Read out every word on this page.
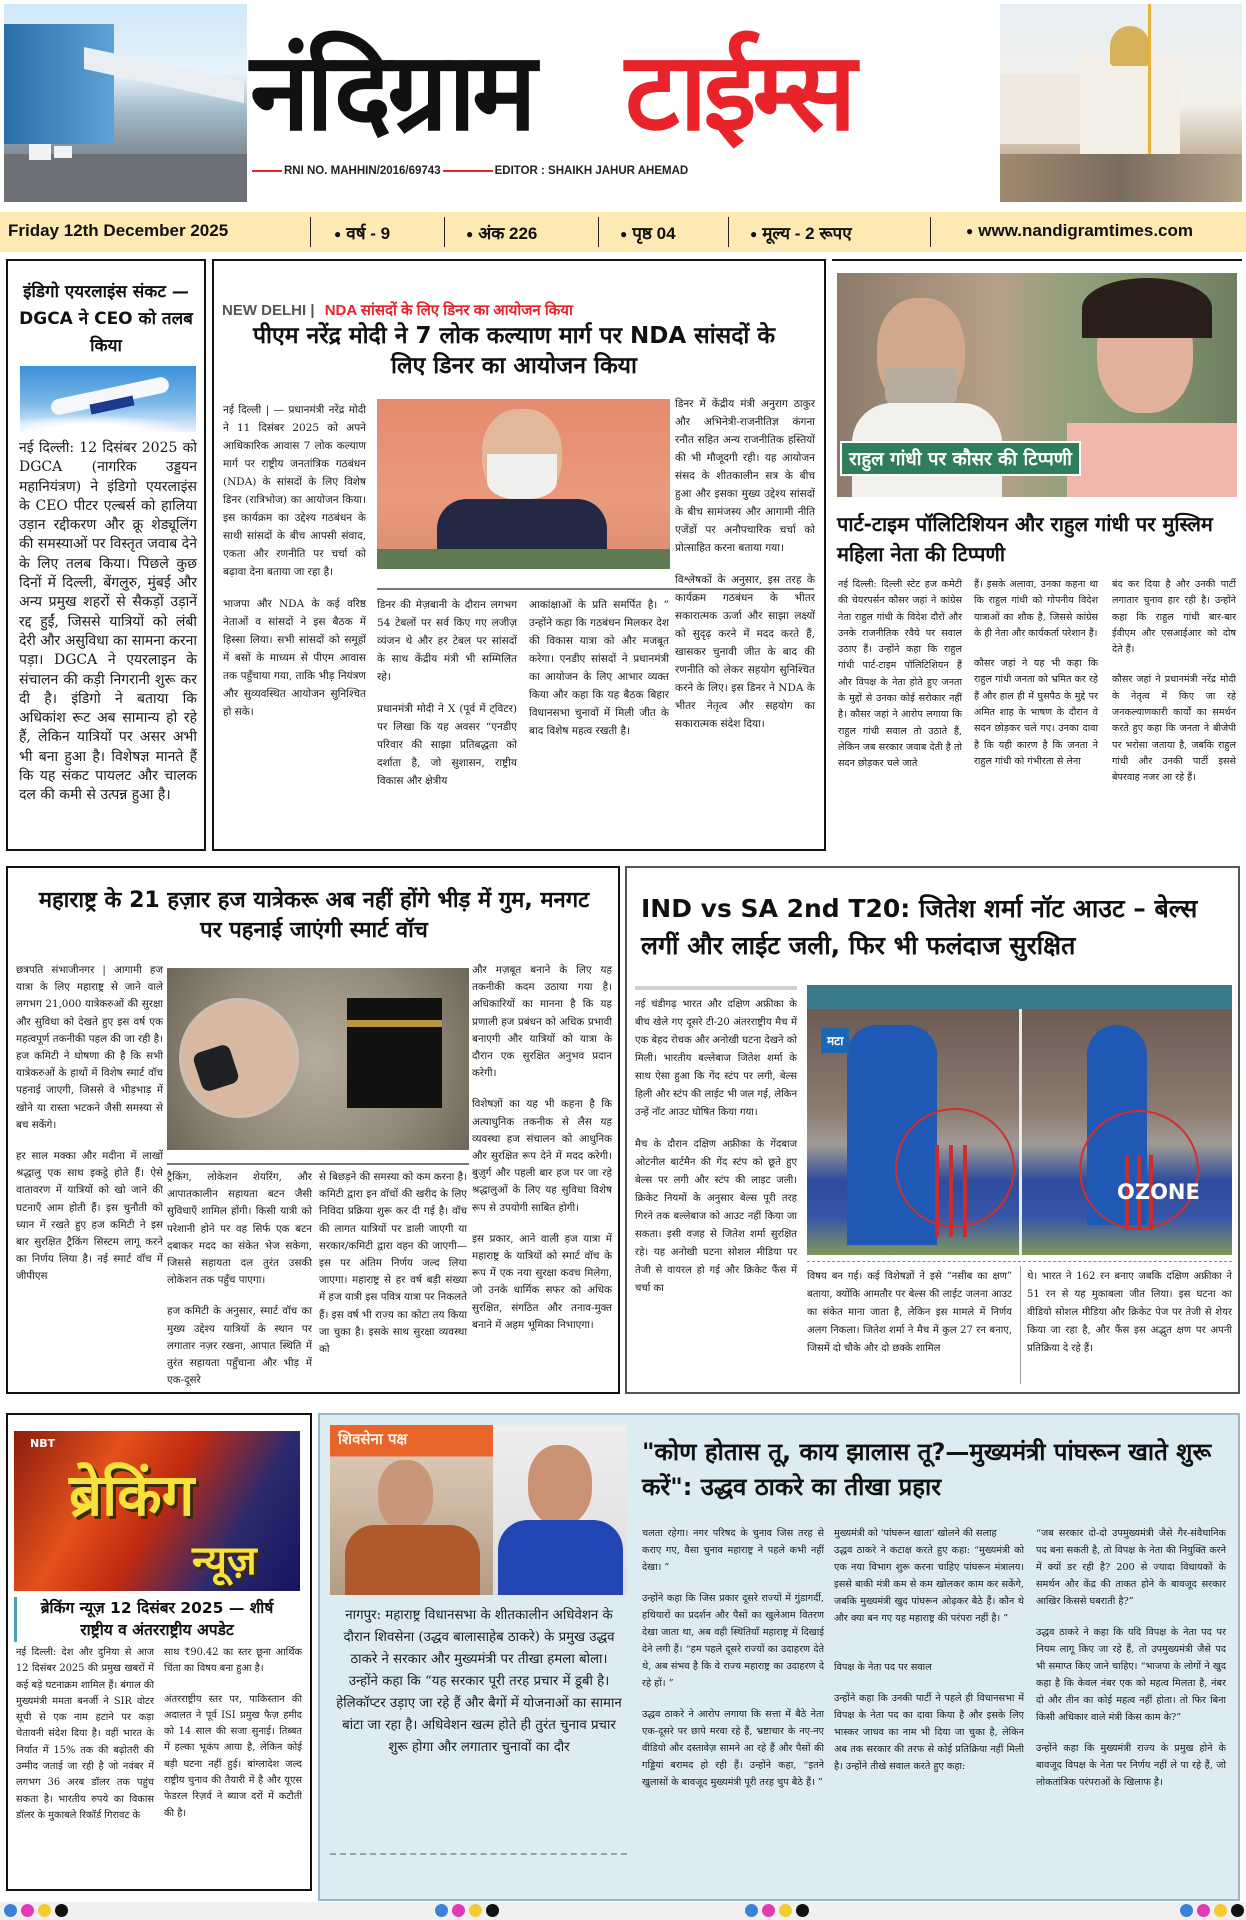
नंदिग्राम टाईम्स
RNI NO. MAHHIN/2016/69743	EDITOR : SHAIKH JAHUR AHEMAD
Friday 12th December 2025	● वर्ष - 9	● अंक 226	● पृष्ठ 04	● मूल्य - 2 रूपए	● www.nandigramtimes.com
इंडिगो एयरलाइंस संकट — DGCA ने CEO को तलब किया
नई दिल्ली: 12 दिसंबर 2025 को DGCA (नागरिक उड्डयन महानियंत्रण) ने इंडिगो एयरलाइंस के CEO पीटर एल्बर्स को हालिया उड़ान रद्दीकरण और क्रू शेड्यूलिंग की समस्याओं पर विस्तृत जवाब देने के लिए तलब किया। पिछले कुछ दिनों में दिल्ली, बेंगलुरु, मुंबई और अन्य प्रमुख शहरों से सैकड़ों उड़ानें रद्द हुईं, जिससे यात्रियों को लंबी देरी और असुविधा का सामना करना पड़ा। DGCA ने एयरलाइन के संचालन की कड़ी निगरानी शुरू कर दी है। इंडिगो ने बताया कि अधिकांश रूट अब सामान्य हो रहे हैं, लेकिन यात्रियों पर असर अभी भी बना हुआ है। विशेषज्ञ मानते हैं कि यह संकट पायलट और चालक दल की कमी से उत्पन्न हुआ है।
NEW DELHI | NDA सांसदों के लिए डिनर का आयोजन किया
पीएम नरेंद्र मोदी ने 7 लोक कल्याण मार्ग पर NDA सांसदों के लिए डिनर का आयोजन किया

नई दिल्ली | — प्रधानमंत्री नरेंद्र मोदी ने 11 दिसंबर 2025 को अपने आधिकारिक आवास 7 लोक कल्याण मार्ग पर राष्ट्रीय जनतांत्रिक गठबंधन (NDA) के सांसदों के लिए विशेष डिनर (रात्रिभोज) का आयोजन किया। इस कार्यक्रम का उद्देश्य गठबंधन के साथी सांसदों के बीच आपसी संवाद, एकता और रणनीति पर चर्चा को बढ़ावा देना बताया जा रहा है।

भाजपा और NDA के कई वरिष्ठ नेताओं व सांसदों ने इस बैठक में हिस्सा लिया। सभी सांसदों को समूहों में बसों के माध्यम से पीएम आवास तक पहुँचाया गया, ताकि भीड़ नियंत्रण और सुव्यवस्थित आयोजन सुनिश्चित हो सके।

डिनर की मेज़बानी के दौरान लगभग 54 टेबलों पर सर्व किए गए लजीज़ व्यंजन थे और हर टेबल पर सांसदों के साथ केंद्रीय मंत्री भी सम्मिलित रहे।

प्रधानमंत्री मोदी ने X (पूर्व में ट्विटर) पर लिखा कि यह अवसर “एनडीए परिवार की साझा प्रतिबद्धता को दर्शाता है, जो सुशासन, राष्ट्रीय विकास और क्षेत्रीय

आकांक्षाओं के प्रति समर्पित है। ” उन्होंने कहा कि गठबंधन मिलकर देश की विकास यात्रा को और मजबूत करेगा। एनडीए सांसदों ने प्रधानमंत्री का आयोजन के लिए आभार व्यक्त किया और कहा कि यह बैठक बिहार विधानसभा चुनावों में मिली जीत के बाद विशेष महत्व रखती है।

डिनर में केंद्रीय मंत्री अनुराग ठाकुर और अभिनेत्री-राजनीतिज्ञ कंगना रनौत सहित अन्य राजनीतिक हस्तियों की भी मौजूदगी रही। यह आयोजन संसद के शीतकालीन सत्र के बीच हुआ और इसका मुख्य उद्देश्य सांसदों के बीच सामंजस्य और आगामी नीति एजेंडों पर अनौपचारिक चर्चा को प्रोत्साहित करना बताया गया।

विश्लेषकों के अनुसार, इस तरह के कार्यक्रम गठबंधन के भीतर सकारात्मक ऊर्जा और साझा लक्ष्यों को सुदृढ़ करने में मदद करते हैं, खासकर चुनावी जीत के बाद की रणनीति को लेकर सहयोग सुनिश्चित करने के लिए। इस डिनर ने NDA के भीतर नेतृत्व और सहयोग का सकारात्मक संदेश दिया।

राहुल गांधी पर कौसर की टिप्पणी
पार्ट-टाइम पॉलिटिशियन और राहुल गांधी पर मुस्लिम महिला नेता की टिप्पणी

नई दिल्ली: दिल्ली स्टेट हज कमेटी की चेयरपर्सन कौसर जहां ने कांग्रेस नेता राहुल गांधी के विदेश दौरों और उनके राजनीतिक रवैये पर सवाल उठाए हैं। उन्होंने कहा कि राहुल गांधी पार्ट-टाइम पॉलिटिशियन हैं और विपक्ष के नेता होते हुए जनता के मुद्दों से उनका कोई सरोकार नहीं है। कौसर जहां ने आरोप लगाया कि राहुल गांधी सवाल तो उठाते हैं, लेकिन जब सरकार जवाब देती है तो सदन छोड़कर चले जाते

हैं। इसके अलावा, उनका कहना था कि राहुल गांधी को गोपनीय विदेश यात्राओं का शौक है, जिससे कांग्रेस के ही नेता और कार्यकर्ता परेशान हैं।

कौसर जहां ने यह भी कहा कि राहुल गांधी जनता को भ्रमित कर रहे हैं और हाल ही में घुसपैठ के मुद्दे पर अमित शाह के भाषण के दौरान वे सदन छोड़कर चले गए। उनका दावा है कि यही कारण है कि जनता ने राहुल गांधी को गंभीरता से लेना

बंद कर दिया है और उनकी पार्टी लगातार चुनाव हार रही है। उन्होंने कहा कि राहुल गांधी बार-बार ईवीएम और एसआईआर को दोष देते हैं।

कौसर जहां ने प्रधानमंत्री नरेंद्र मोदी के नेतृत्व में किए जा रहे जनकल्याणकारी कार्यों का समर्थन करते हुए कहा कि जनता ने बीजेपी पर भरोसा जताया है, जबकि राहुल गांधी और उनकी पार्टी इससे बेपरवाह नजर आ रहे हैं।

महाराष्ट्र के 21 हज़ार हज यात्रेकरू अब नहीं होंगे भीड़ में गुम, मनगट पर पहनाई जाएंगी स्मार्ट वॉच

छत्रपति संभाजीनगर | आगामी हज यात्रा के लिए महाराष्ट्र से जाने वाले लगभग 21,000 यात्रेकरुओं की सुरक्षा और सुविधा को देखते हुए इस वर्ष एक महत्वपूर्ण तकनीकी पहल की जा रही है। हज कमिटी ने घोषणा की है कि सभी यात्रेकरुओं के हाथों में विशेष स्मार्ट वॉच पहनाई जाएगी, जिससे वे भीड़भाड़ में खोने या रास्ता भटकने जैसी समस्या से बच सकेंगे।

हर साल मक्का और मदीना में लाखों श्रद्धालु एक साथ इकट्ठे होते हैं। ऐसे वातावरण में यात्रियों को खो जाने की घटनाएँ आम होती हैं। इस चुनौती को ध्यान में रखते हुए हज कमिटी ने इस बार सुरक्षित ट्रैकिंग सिस्टम लागू करने का निर्णय लिया है। नई स्मार्ट वॉच में जीपीएस

ट्रैकिंग, लोकेशन शेयरिंग, और आपातकालीन सहायता बटन जैसी सुविधाएँ शामिल होंगी। किसी यात्री को परेशानी होने पर वह सिर्फ एक बटन दबाकर मदद का संकेत भेज सकेगा, जिससे सहायता दल तुरंत उसकी लोकेशन तक पहुँच पाएगा।

हज कमिटी के अनुसार, स्मार्ट वॉच का मुख्य उद्देश्य यात्रियों के स्थान पर लगातार नज़र रखना, आपात स्थिति में तुरंत सहायता पहुँचाना और भीड़ में एक-दूसरे

से बिछड़ने की समस्या को कम करना है। कमिटी द्वारा इन वॉचों की खरीद के लिए निविदा प्रक्रिया शुरू कर दी गई है। वॉच की लागत यात्रियों पर डाली जाएगी या सरकार/कमिटी द्वारा वहन की जाएगी—इस पर अंतिम निर्णय जल्द लिया जाएगा। महाराष्ट्र से हर वर्ष बड़ी संख्या में हज यात्री इस पवित्र यात्रा पर निकलते हैं। इस वर्ष भी राज्य का कोटा तय किया जा चुका है। इसके साथ सुरक्षा व्यवस्था को

और मज़बूत बनाने के लिए यह तकनीकी कदम उठाया गया है। अधिकारियों का मानना है कि यह प्रणाली हज प्रबंधन को अधिक प्रभावी बनाएगी और यात्रियों को यात्रा के दौरान एक सुरक्षित अनुभव प्रदान करेगी।

विशेषज्ञों का यह भी कहना है कि अत्याधुनिक तकनीक से लैस यह व्यवस्था हज संचालन को आधुनिक और सुरक्षित रूप देने में मदद करेगी। बुज़ुर्ग और पहली बार हज पर जा रहे श्रद्धालुओं के लिए यह सुविधा विशेष रूप से उपयोगी साबित होगी।

इस प्रकार, आने वाली हज यात्रा में महाराष्ट्र के यात्रियों को स्मार्ट वॉच के रूप में एक नया सुरक्षा कवच मिलेगा, जो उनके धार्मिक सफर को अधिक सुरक्षित, संगठित और तनाव-मुक्त बनाने में अहम भूमिका निभाएगा।

IND vs SA 2nd T20: जितेश शर्मा नॉट आउट – बेल्स लगीं और लाईट जली, फिर भी फलंदाज सुरक्षित

नई चंडीगढ़ भारत और दक्षिण अफ्रीका के बीच खेले गए दूसरे टी-20 अंतरराष्ट्रीय मैच में एक बेहद रोचक और अनोखी घटना देखने को मिली। भारतीय बल्लेबाज जितेश शर्मा के साथ ऐसा हुआ कि गेंद स्टंप पर लगी, बेल्स हिली और स्टंप की लाईट भी जल गई, लेकिन उन्हें नॉट आउट घोषित किया गया।

मैच के दौरान दक्षिण अफ्रीका के गेंदबाज ओटनील बार्टमैन की गेंद स्टंप को छूते हुए बेल्स पर लगी और स्टंप की लाइट जली। क्रिकेट नियमों के अनुसार बेल्स पूरी तरह गिरने तक बल्लेबाज को आउट नहीं किया जा सकता। इसी वजह से जितेश शर्मा सुरक्षित रहे। यह अनोखी घटना सोशल मीडिया पर तेजी से वायरल हो गई और क्रिकेट फैंस में चर्चा का

OZONE
मटा

विषय बन गई। कई विशेषज्ञों ने इसे “नसीब का क्षण” बताया, क्योंकि आमतौर पर बेल्स की लाईट जलना आउट का संकेत माना जाता है, लेकिन इस मामले में निर्णय अलग निकला। जितेश शर्मा ने मैच में कुल 27 रन बनाए, जिसमें दो चौके और दो छक्के शामिल

थे। भारत ने 162 रन बनाए जबकि दक्षिण अफ्रीका ने 51 रन से यह मुकाबला जीत लिया। इस घटना का वीडियो सोशल मीडिया और क्रिकेट पेज पर तेजी से शेयर किया जा रहा है, और फैंस इस अद्भुत क्षण पर अपनी प्रतिक्रिया दे रहे हैं।

NBT
ब्रेकिंग
न्यूज़
ब्रेकिंग न्यूज़ 12 दिसंबर 2025 — शीर्ष राष्ट्रीय व अंतरराष्ट्रीय अपडेट

नई दिल्ली: देश और दुनिया से आज 12 दिसंबर 2025 की प्रमुख खबरों में कई बड़े घटनाक्रम शामिल हैं। बंगाल की मुख्यमंत्री ममता बनर्जी ने SIR वोटर सूची से एक नाम हटाने पर कड़ा चेतावनी संदेश दिया है। वहीं भारत के निर्यात में 15% तक की बढ़ोतरी की उम्मीद जताई जा रही है जो नवंबर में लगभग 36 अरब डॉलर तक पहुंच सकता है। भारतीय रुपये का विकास डॉलर के मुकाबले रिकॉर्ड गिरावट के

साथ ₹90.42 का स्तर छूना आर्थिक चिंता का विषय बना हुआ है।

अंतरराष्ट्रीय स्तर पर, पाकिस्तान की अदालत ने पूर्व ISI प्रमुख फैज़ हमीद को 14 साल की सजा सुनाई। तिब्बत में हल्का भूकंप आया है, लेकिन कोई बड़ी घटना नहीं हुई। बांग्लादेश जल्द राष्ट्रीय चुनाव की तैयारी में है और यूएस फेडरल रिज़र्व ने ब्याज दरों में कटौती की है।

शिवसेना पक्ष
नागपुर: महाराष्ट्र विधानसभा के शीतकालीन अधिवेशन के दौरान शिवसेना (उद्धव बालासाहेब ठाकरे) के प्रमुख उद्धव ठाकरे ने सरकार और मुख्यमंत्री पर तीखा हमला बोला। उन्होंने कहा कि “यह सरकार पूरी तरह प्रचार में डूबी है। हेलिकॉप्टर उड़ाए जा रहे हैं और बैगों में योजनाओं का सामान बांटा जा रहा है। अधिवेशन खत्म होते ही तुरंत चुनाव प्रचार शुरू होगा और लगातार चुनावों का दौर
"कोण होतास तू, काय झालास तू?—मुख्यमंत्री पांघरून खाते शुरू करें": उद्धव ठाकरे का तीखा प्रहार

चलता रहेगा। नगर परिषद के चुनाव जिस तरह से कराए गए, वैसा चुनाव महाराष्ट्र ने पहले कभी नहीं देखा। ”

उन्होंने कहा कि जिस प्रकार दूसरे राज्यों में गुंडागर्दी, हथियारों का प्रदर्शन और पैसों का खुलेआम वितरण देखा जाता था, अब वही स्थितियाँ महाराष्ट्र में दिखाई देने लगी हैं। “हम पहले दूसरे राज्यों का उदाहरण देते थे, अब संभव है कि वे राज्य महाराष्ट्र का उदाहरण दे रहे हों। ”

उद्धव ठाकरे ने आरोप लगाया कि सत्ता में बैठे नेता एक-दूसरे पर छापे मरवा रहे हैं, भ्रष्टाचार के नए-नए वीडियो और दस्तावेज़ सामने आ रहे हैं और पैसों की गड्डियां बरामद हो रही हैं। उन्होंने कहा, “इतने खुलासों के बावजूद मुख्यमंत्री पूरी तरह चुप बैठे हैं। ”

मुख्यमंत्री को 'पांघरून खाता' खोलने की सलाह

उद्धव ठाकरे ने कटाक्ष करते हुए कहा: “मुख्यमंत्री को एक नया विभाग शुरू करना चाहिए पांघरून मंत्रालय। इससे बाकी मंत्री कम से कम खोलकर काम कर सकेंगे, जबकि मुख्यमंत्री खुद पांघरून ओढ़कर बैठे हैं। कौन थे और क्या बन गए यह महाराष्ट्र की परंपरा नहीं है। ”

विपक्ष के नेता पद पर सवाल

उन्होंने कहा कि उनकी पार्टी ने पहले ही विधानसभा में विपक्ष के नेता पद का दावा किया है और इसके लिए भास्कर जाधव का नाम भी दिया जा चुका है, लेकिन अब तक सरकार की तरफ से कोई प्रतिक्रिया नहीं मिली है। उन्होंने तीखे सवाल करते हुए कहा:

“जब सरकार दो-दो उपमुख्यमंत्री जैसे गैर-संवैधानिक पद बना सकती है, तो विपक्ष के नेता की नियुक्ति करने में क्यों डर रही है? 200 से ज्यादा विधायकों के समर्थन और केंद्र की ताकत होने के बावजूद सरकार आखिर किससे घबराती है?”

उद्धव ठाकरे ने कहा कि यदि विपक्ष के नेता पद पर नियम लागू किए जा रहे हैं, तो उपमुख्यमंत्री जैसे पद भी समाप्त किए जाने चाहिए। “भाजपा के लोगों ने खुद कहा है कि केवल नंबर एक को महत्व मिलता है, नंबर दो और तीन का कोई महत्व नहीं होता। तो फिर बिना किसी अधिकार वाले मंत्री किस काम के?”

उन्होंने कहा कि मुख्यमंत्री राज्य के प्रमुख होने के बावजूद विपक्ष के नेता पर निर्णय नहीं ले पा रहे हैं, जो लोकतांत्रिक परंपराओं के खिलाफ है।
